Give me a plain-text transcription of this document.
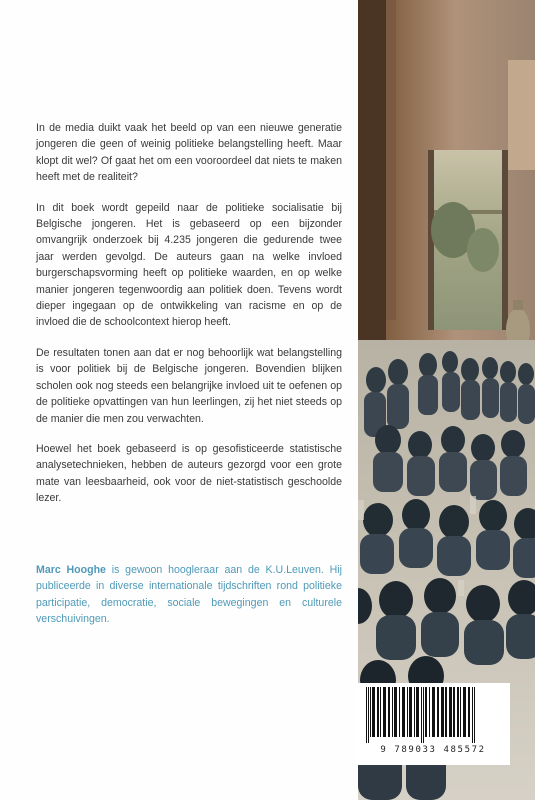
In de media duikt vaak het beeld op van een nieuwe generatie jongeren die geen of weinig politieke belangstelling heeft. Maar klopt dit wel? Of gaat het om een vooroordeel dat niets te maken heeft met de realiteit?

In dit boek wordt gepeild naar de politieke socialisatie bij Belgische jongeren. Het is gebaseerd op een bijzonder omvangrijk onderzoek bij 4.235 jongeren die gedurende twee jaar werden gevolgd. De auteurs gaan na welke invloed burgerschapsvorming heeft op politieke waarden, en op welke manier jongeren tegenwoordig aan politiek doen. Tevens wordt dieper ingegaan op de ontwikkeling van racisme en op de invloed die de schoolcontext hierop heeft.

De resultaten tonen aan dat er nog behoorlijk wat belangstelling is voor politiek bij de Belgische jongeren. Bovendien blijken scholen ook nog steeds een belangrijke invloed uit te oefenen op de politieke opvattingen van hun leerlingen, zij het niet steeds op de manier die men zou verwachten.

Hoewel het boek gebaseerd is op gesofisticeerde statistische analysetechnieken, hebben de auteurs gezorgd voor een grote mate van leesbaarheid, ook voor de niet-statistisch geschoolde lezer.

Marc Hooghe is gewoon hoogleraar aan de K.U.Leuven. Hij publiceerde in diverse internationale tijdschriften rond politieke participatie, democratie, sociale bewegingen en culturele verschuivingen.

9 789033 485572
